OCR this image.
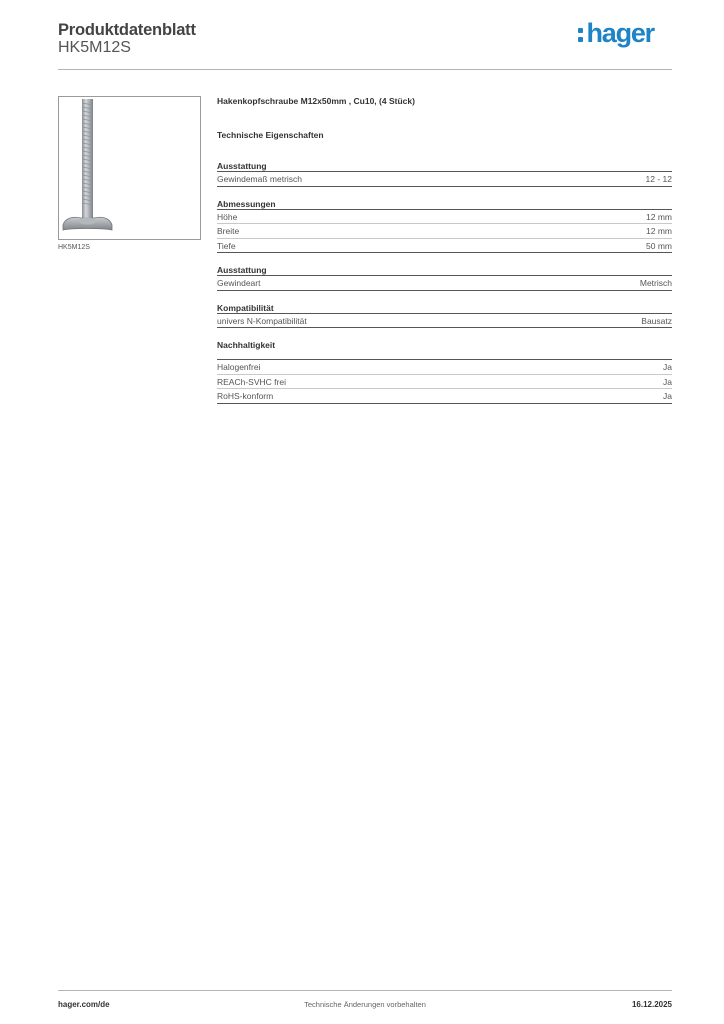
Produktdatenblatt
HK5M12S	hager
HK5M12S
Hakenkopfschraube M12x50mm , Cu10, (4 Stück)
Technische Eigenschaften
Ausstattung
Gewindemaß metrisch	12 - 12
Abmessungen
Höhe	12 mm
Breite	12 mm
Tiefe	50 mm
Ausstattung
Gewindeart	Metrisch
Kompatibilität
univers N-Kompatibilität	Bausatz
Nachhaltigkeit
Halogenfrei	Ja
REACh-SVHC frei	Ja
RoHS-konform	Ja
hager.com/de	Technische Änderungen vorbehalten	16.12.2025
